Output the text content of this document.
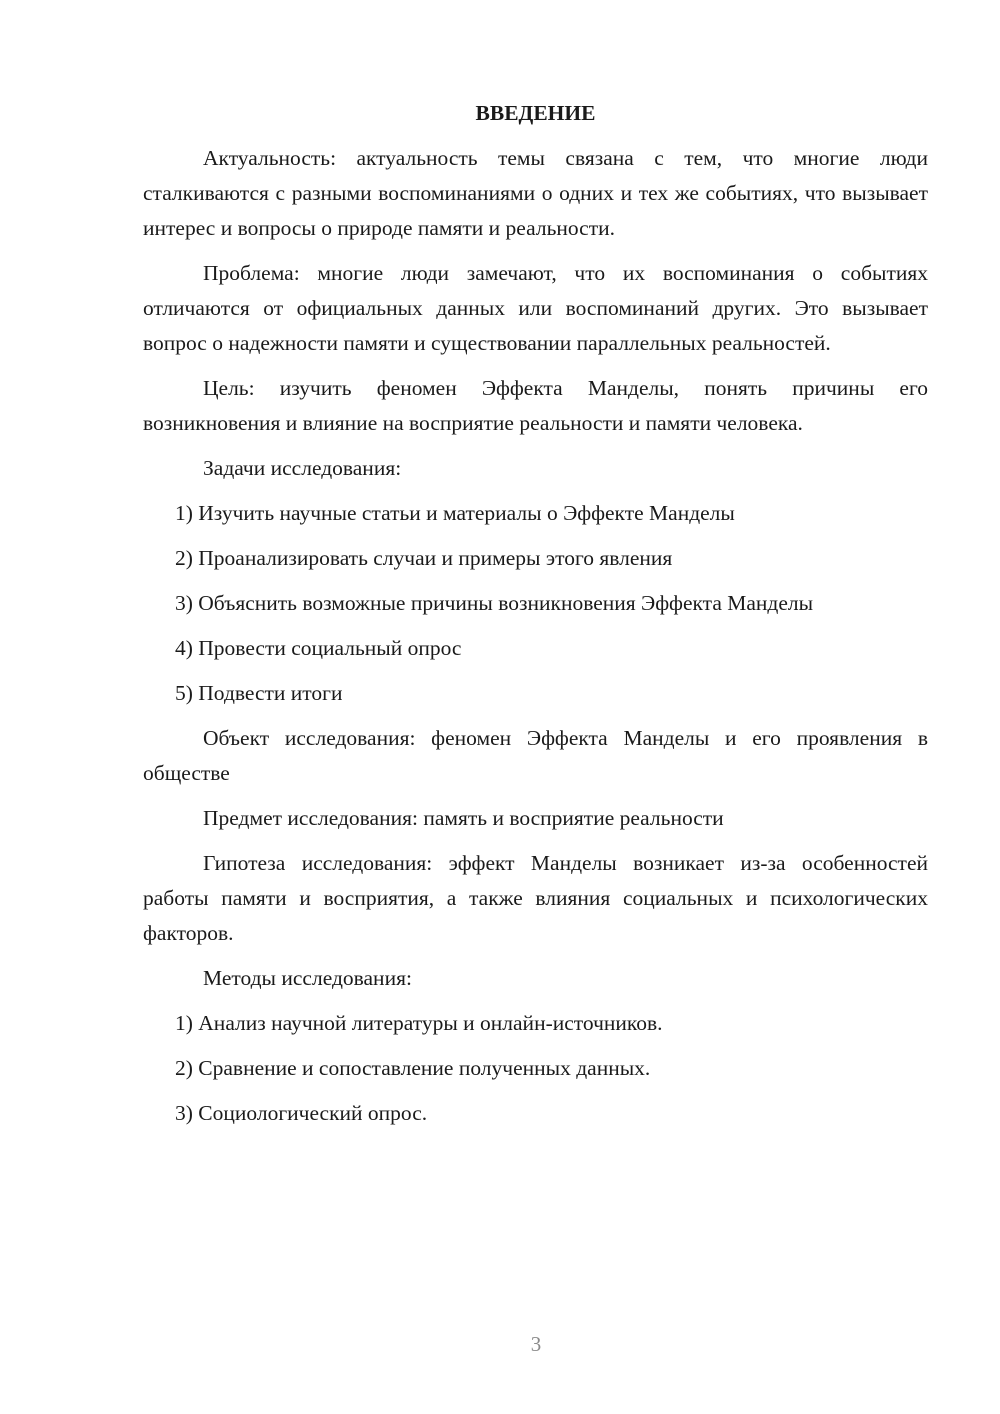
ВВЕДЕНИЕ

Актуальность: актуальность темы связана с тем, что многие люди сталкиваются с разными воспоминаниями о одних и тех же событиях, что вызывает интерес и вопросы о природе памяти и реальности.

Проблема: многие люди замечают, что их воспоминания о событиях отличаются от официальных данных или воспоминаний других. Это вызывает вопрос о надежности памяти и существовании параллельных реальностей.

Цель: изучить феномен Эффекта Манделы, понять причины его возникновения и влияние на восприятие реальности и памяти человека.

Задачи исследования:

1) Изучить научные статьи и материалы о Эффекте Манделы

2) Проанализировать случаи и примеры этого явления

3) Объяснить возможные причины возникновения Эффекта Манделы

4) Провести социальный опрос

5) Подвести итоги

Объект исследования: феномен Эффекта Манделы и его проявления в обществе

Предмет исследования: память и восприятие реальности

Гипотеза исследования: эффект Манделы возникает из-за особенностей работы памяти и восприятия, а также влияния социальных и психологических факторов.

Методы исследования:

1) Анализ научной литературы и онлайн-источников.

2) Сравнение и сопоставление полученных данных.

3) Социологический опрос.

3
